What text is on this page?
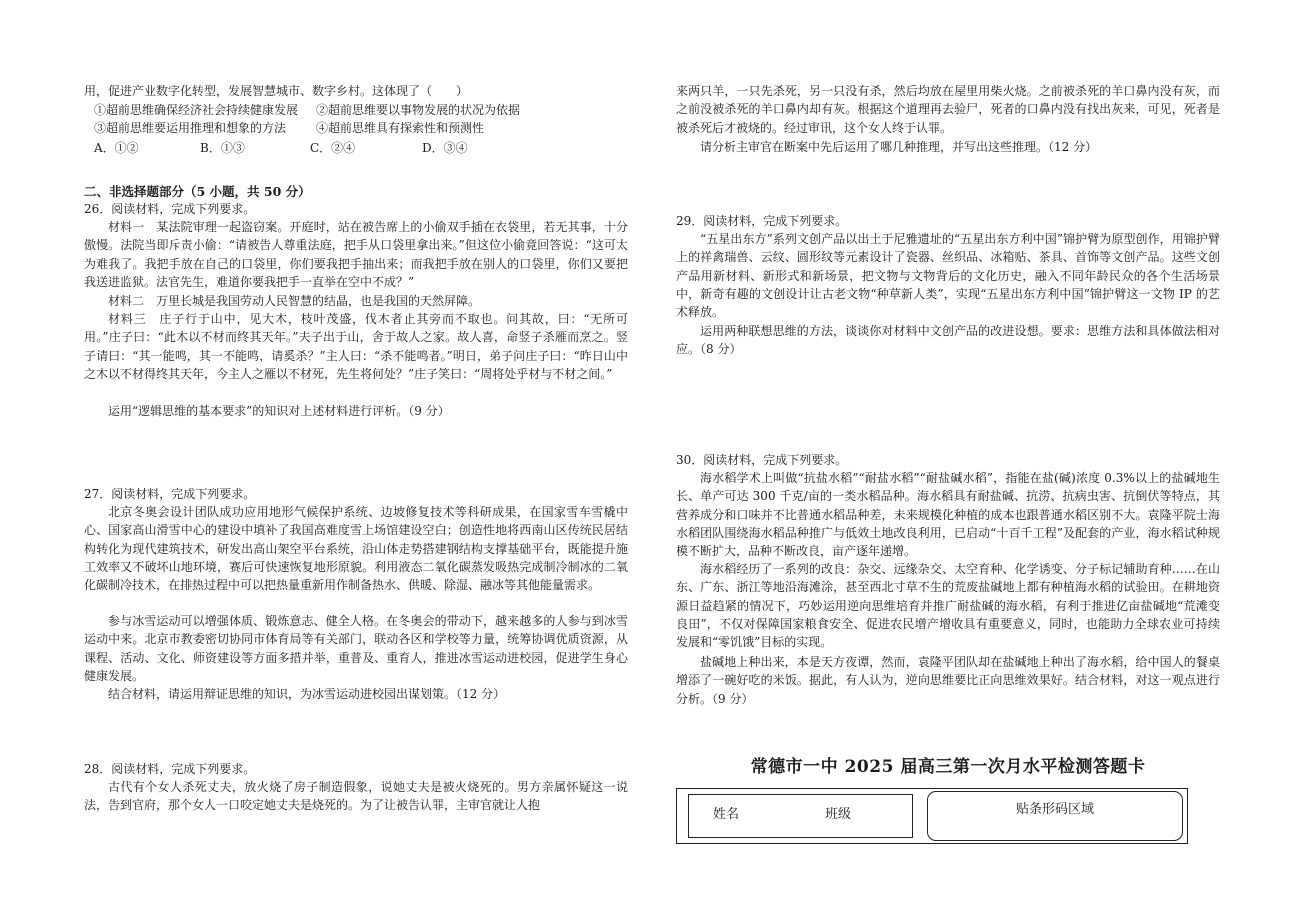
用，促进产业数字化转型，发展智慧城市、数字乡村。这体现了（　　）

①超前思维确保经济社会持续健康发展 ②超前思维要以事物发展的状况为依据
③超前思维要运用推理和想象的方法 ④超前思维具有探索性和预测性
A．①②	B．①③	C．②④	D．③④
二、非选择题部分（5 小题，共 50 分）

26．阅读材料，完成下列要求。

材料一　某法院审理一起盗窃案。开庭时，站在被告席上的小偷双手插在衣袋里，若无其事，十分傲慢。法院当即斥责小偷：“请被告人尊重法庭，把手从口袋里拿出来。”但这位小偷竟回答说：“这可太为难我了。我把手放在自己的口袋里，你们要我把手抽出来；而我把手放在别人的口袋里，你们又要把我送进监狱。法官先生，难道你要我把手一直举在空中不成？”

材料二　万里长城是我国劳动人民智慧的结晶，也是我国的天然屏障。

材料三　庄子行于山中，见大木，枝叶茂盛，伐木者止其旁而不取也。问其故，曰：“无所可用。”庄子曰：“此木以不材而终其天年。”夫子出于山，舍于故人之家。故人喜，命竖子杀雁而烹之。竖子请曰：“其一能鸣，其一不能鸣，请奚杀？”主人曰：“杀不能鸣者。”明日，弟子问庄子曰：“昨日山中之木以不材得终其天年，今主人之雁以不材死，先生将何处？”庄子笑曰：“周将处乎材与不材之间。”

运用“逻辑思维的基本要求”的知识对上述材料进行评析。（9 分）

27．阅读材料，完成下列要求。

北京冬奥会设计团队成功应用地形气候保护系统、边坡修复技术等科研成果，在国家雪车雪橇中心、国家高山滑雪中心的建设中填补了我国高难度雪上场馆建设空白；创造性地将西南山区传统民居结构转化为现代建筑技术，研发出高山架空平台系统，沿山体走势搭建钢结构支撑基础平台，既能提升施工效率又不破坏山地环境，赛后可快速恢复地形原貌。利用液态二氧化碳蒸发吸热完成制冷制冰的二氧化碳制冷技术，在排热过程中可以把热量重新用作制备热水、供暖、除湿、融冰等其他能量需求。

参与冰雪运动可以增强体质、锻炼意志、健全人格。在冬奥会的带动下，越来越多的人参与到冰雪运动中来。北京市教委密切协同市体育局等有关部门，联动各区和学校等力量，统筹协调优质资源，从课程、活动、文化、师资建设等方面多措并举，重普及、重育人，推进冰雪运动进校园，促进学生身心健康发展。

结合材料，请运用辩证思维的知识，为冰雪运动进校园出谋划策。（12 分）

28．阅读材料，完成下列要求。

古代有个女人杀死丈夫，放火烧了房子制造假象，说她丈夫是被火烧死的。男方亲属怀疑这一说法，告到官府，那个女人一口咬定她丈夫是烧死的。为了让被告认罪，主审官就让人抱

来两只羊，一只先杀死，另一只没有杀，然后均放在屋里用柴火烧。之前被杀死的羊口鼻内没有灰，而之前没被杀死的羊口鼻内却有灰。根据这个道理再去验尸，死者的口鼻内没有找出灰来，可见，死者是被杀死后才被烧的。经过审讯，这个女人终于认罪。

请分析主审官在断案中先后运用了哪几种推理，并写出这些推理。（12 分）

29．阅读材料，完成下列要求。

“五星出东方”系列文创产品以出土于尼雅遗址的“五星出东方利中国”锦护臂为原型创作，用锦护臂上的祥禽瑞兽、云纹、圆形纹等元素设计了瓷器、丝织品、冰箱贴、茶具、首饰等文创产品。这些文创产品用新材料、新形式和新场景，把文物与文物背后的文化历史，融入不同年龄民众的各个生活场景中，新奇有趣的文创设计让古老文物“种草新人类”，实现“五星出东方利中国”锦护臂这一文物 IP 的艺术释放。

运用两种联想思维的方法，谈谈你对材料中文创产品的改进设想。要求：思维方法和具体做法相对应。（8 分）

30．阅读材料，完成下列要求。

海水稻学术上叫做“抗盐水稻”“耐盐水稻”“耐盐碱水稻”，指能在盐(碱)浓度 0.3%以上的盐碱地生长、单产可达 300 千克/亩的一类水稻品种。海水稻具有耐盐碱、抗涝、抗病虫害、抗倒伏等特点，其营养成分和口味并不比普通水稻品种差，未来规模化种植的成本也跟普通水稻区别不大。袁隆平院士海水稻团队围绕海水稻品种推广与低效土地改良利用，已启动“十百千工程”及配套的产业，海水稻试种规模不断扩大，品种不断改良，亩产逐年递增。

海水稻经历了一系列的改良：杂交、远缘杂交、太空育种、化学诱变、分子标记辅助育种……在山东、广东、浙江等地沿海滩涂，甚至西北寸草不生的荒废盐碱地上都有种植海水稻的试验田。在耕地资源日益趋紧的情况下，巧妙运用逆向思维培育并推广耐盐碱的海水稻，有利于推进亿亩盐碱地“荒滩变良田”，不仅对保障国家粮食安全、促进农民增产增收具有重要意义，同时，也能助力全球农业可持续发展和“零饥饿”目标的实现。

盐碱地上种出来，本是天方夜谭，然而，袁隆平团队却在盐碱地上种出了海水稻，给中国人的餐桌增添了一碗好吃的米饭。据此，有人认为，逆向思维要比正向思维效果好。结合材料，对这一观点进行分析。（9 分）

常德市一中 2025 届高三第一次月水平检测答题卡
姓名	班级	贴条形码区域
